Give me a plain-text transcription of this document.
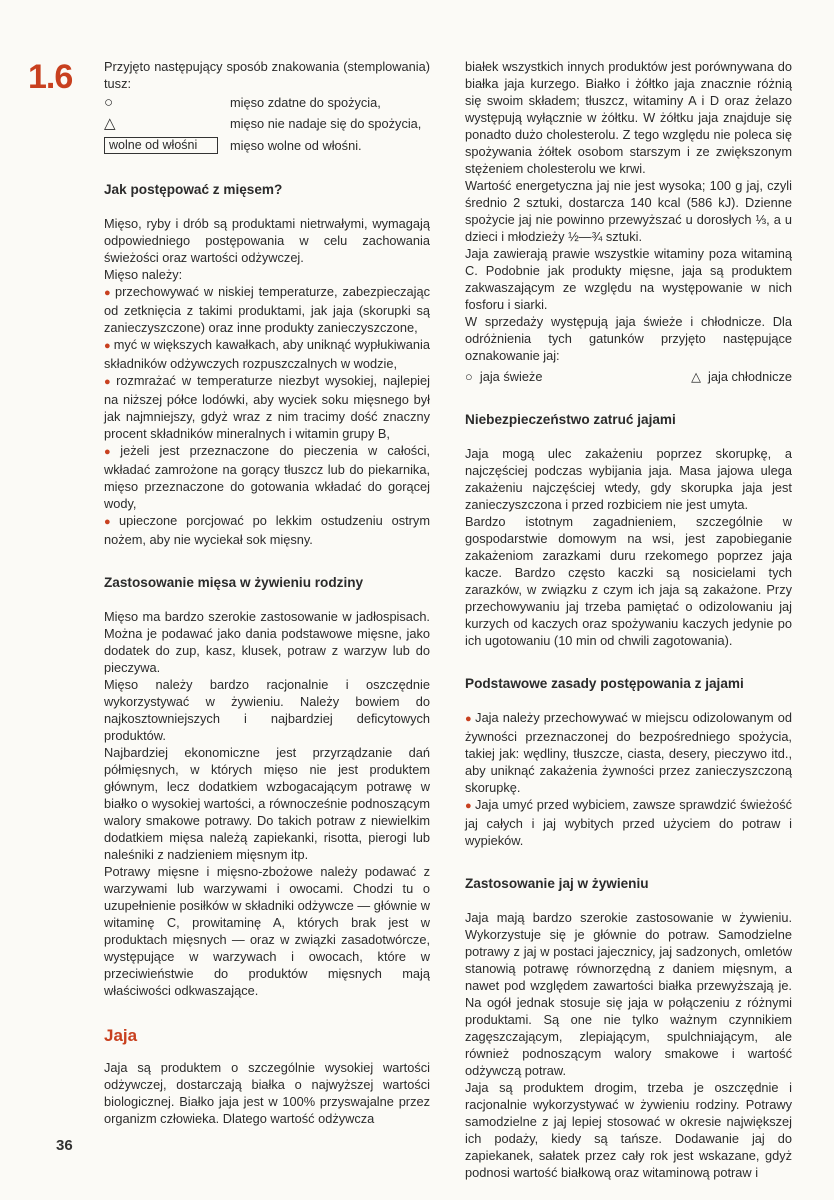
1.6 Przyjęto następujący sposób znakowania (stemplowania) tusz:

○	mięso zdatne do spożycia,
△	mięso nie nadaje się do spożycia,
wolne od włośni	mięso wolne od włośni.

Jak postępować z mięsem?

Mięso, ryby i drób są produktami nietrwałymi, wymagają odpowiedniego postępowania w celu zachowania świeżości oraz wartości odżywczej.

Mięso należy:

● przechowywać w niskiej temperaturze, zabezpieczając od zetknięcia z takimi produktami, jak jaja (skorupki są zanieczyszczone) oraz inne produkty zanieczyszczone,

● myć w większych kawałkach, aby uniknąć wypłukiwania składników odżywczych rozpuszczalnych w wodzie,

● rozmrażać w temperaturze niezbyt wysokiej, najlepiej na niższej półce lodówki, aby wyciek soku mięsnego był jak najmniejszy, gdyż wraz z nim tracimy dość znaczny procent składników mineralnych i witamin grupy B,

● jeżeli jest przeznaczone do pieczenia w całości, wkładać zamrożone na gorący tłuszcz lub do piekarnika, mięso przeznaczone do gotowania wkładać do gorącej wody,

● upieczone porcjować po lekkim ostudzeniu ostrym nożem, aby nie wyciekał sok mięsny.

Zastosowanie mięsa w żywieniu rodziny

Mięso ma bardzo szerokie zastosowanie w jadłospisach. Można je podawać jako dania podstawowe mięsne, jako dodatek do zup, kasz, klusek, potraw z warzyw lub do pieczywa.

Mięso należy bardzo racjonalnie i oszczędnie wykorzystywać w żywieniu. Należy bowiem do najkosztowniejszych i najbardziej deficytowych produktów.

Najbardziej ekonomiczne jest przyrządzanie dań półmięsnych, w których mięso nie jest produktem głównym, lecz dodatkiem wzbogacającym potrawę w białko o wysokiej wartości, a równocześnie podnoszącym walory smakowe potrawy. Do takich potraw z niewielkim dodatkiem mięsa należą zapiekanki, risotta, pierogi lub naleśniki z nadzieniem mięsnym itp.

Potrawy mięsne i mięsno-zbożowe należy podawać z warzywami lub warzywami i owocami. Chodzi tu o uzupełnienie posiłków w składniki odżywcze — głównie w witaminę C, prowitaminę A, których brak jest w produktach mięsnych — oraz w związki zasadotwórcze, występujące w warzywach i owocach, które w przeciwieństwie do produktów mięsnych mają właściwości odkwaszające.

Jaja

Jaja są produktem o szczególnie wysokiej wartości odżywczej, dostarczają białka o najwyższej wartości biologicznej. Białko jaja jest w 100% przyswajalne przez organizm człowieka. Dlatego wartość odżywcza

białek wszystkich innych produktów jest porównywana do białka jaja kurzego. Białko i żółtko jaja znacznie różnią się swoim składem; tłuszcz, witaminy A i D oraz żelazo występują wyłącznie w żółtku. W żółtku jaja znajduje się ponadto dużo cholesterolu. Z tego względu nie poleca się spożywania żółtek osobom starszym i ze zwiększonym stężeniem cholesterolu we krwi.

Wartość energetyczna jaj nie jest wysoka; 100 g jaj, czyli średnio 2 sztuki, dostarcza 140 kcal (586 kJ). Dzienne spożycie jaj nie powinno przewyższać u dorosłych ⅓, a u dzieci i młodzieży ½—¾ sztuki.

Jaja zawierają prawie wszystkie witaminy poza witaminą C. Podobnie jak produkty mięsne, jaja są produktem zakwaszającym ze względu na występowanie w nich fosforu i siarki.

W sprzedaży występują jaja świeże i chłodnicze. Dla odróżnienia tych gatunków przyjęto następujące oznakowanie jaj:

○ jaja świeże	△ jaja chłodnicze

Niebezpieczeństwo zatruć jajami

Jaja mogą ulec zakażeniu poprzez skorupkę, a najczęściej podczas wybijania jaja. Masa jajowa ulega zakażeniu najczęściej wtedy, gdy skorupka jaja jest zanieczyszczona i przed rozbiciem nie jest umyta.

Bardzo istotnym zagadnieniem, szczególnie w gospodarstwie domowym na wsi, jest zapobieganie zakażeniom zarazkami duru rzekomego poprzez jaja kacze. Bardzo często kaczki są nosicielami tych zarazków, w związku z czym ich jaja są zakażone. Przy przechowywaniu jaj trzeba pamiętać o odizolowaniu jaj kurzych od kaczych oraz spożywaniu kaczych jedynie po ich ugotowaniu (10 min od chwili zagotowania).

Podstawowe zasady postępowania z jajami

● Jaja należy przechowywać w miejscu odizolowanym od żywności przeznaczonej do bezpośredniego spożycia, takiej jak: wędliny, tłuszcze, ciasta, desery, pieczywo itd., aby uniknąć zakażenia żywności przez zanieczyszczoną skorupkę.

● Jaja umyć przed wybiciem, zawsze sprawdzić świeżość jaj całych i jaj wybitych przed użyciem do potraw i wypieków.

Zastosowanie jaj w żywieniu

Jaja mają bardzo szerokie zastosowanie w żywieniu. Wykorzystuje się je głównie do potraw. Samodzielne potrawy z jaj w postaci jajecznicy, jaj sadzonych, omletów stanowią potrawę równorzędną z daniem mięsnym, a nawet pod względem zawartości białka przewyższają je. Na ogół jednak stosuje się jaja w połączeniu z różnymi produktami. Są one nie tylko ważnym czynnikiem zagęszczającym, zlepiającym, spulchniającym, ale również podnoszącym walory smakowe i wartość odżywczą potraw.

Jaja są produktem drogim, trzeba je oszczędnie i racjonalnie wykorzystywać w żywieniu rodziny. Potrawy samodzielne z jaj lepiej stosować w okresie największej ich podaży, kiedy są tańsze. Dodawanie jaj do zapiekanek, sałatek przez cały rok jest wskazane, gdyż podnosi wartość białkową oraz witaminową potraw i

36
